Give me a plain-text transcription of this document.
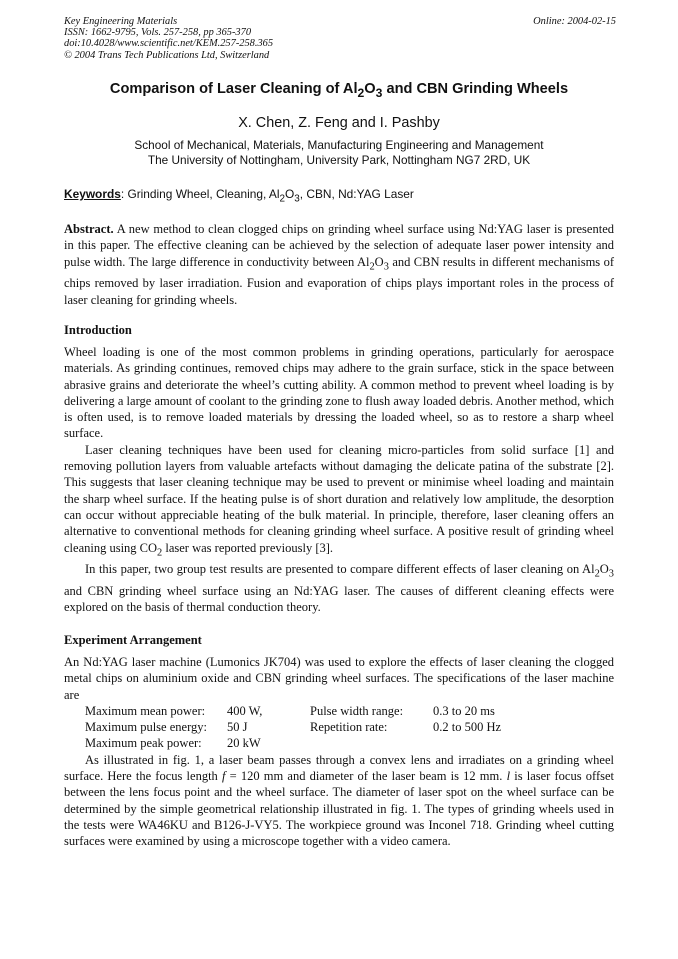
Key Engineering Materials
ISSN: 1662-9795, Vols. 257-258, pp 365-370
doi:10.4028/www.scientific.net/KEM.257-258.365
© 2004 Trans Tech Publications Ltd, Switzerland
Online: 2004-02-15
Comparison of Laser Cleaning of $Al_2O_3$ and CBN Grinding Wheels
X. Chen, Z. Feng and I. Pashby
School of Mechanical, Materials, Manufacturing Engineering and Management
The University of Nottingham, University Park, Nottingham NG7 2RD, UK
Keywords: Grinding Wheel, Cleaning, $Al_2O_3$, CBN, Nd:YAG Laser

Abstract. A new method to clean clogged chips on grinding wheel surface using Nd:YAG laser is presented in this paper. The effective cleaning can be achieved by the selection of adequate laser power intensity and pulse width. The large difference in conductivity between $Al_2O_3$ and CBN results in different mechanisms of chips removed by laser irradiation. Fusion and evaporation of chips plays important roles in the process of laser cleaning for grinding wheels.

Introduction

Wheel loading is one of the most common problems in grinding operations, particularly for aerospace materials. As grinding continues, removed chips may adhere to the grain surface, stick in the space between abrasive grains and deteriorate the wheel’s cutting ability. A common method to prevent wheel loading is by delivering a large amount of coolant to the grinding zone to flush away loaded debris. Another method, which is often used, is to remove loaded materials by dressing the loaded wheel, so as to restore a sharp wheel surface.

Laser cleaning techniques have been used for cleaning micro-particles from solid surface [1] and removing pollution layers from valuable artefacts without damaging the delicate patina of the substrate [2]. This suggests that laser cleaning technique may be used to prevent or minimise wheel loading and maintain the sharp wheel surface. If the heating pulse is of short duration and relatively low amplitude, the desorption can occur without appreciable heating of the bulk material. In principle, therefore, laser cleaning offers an alternative to conventional methods for cleaning grinding wheel surface. A positive result of grinding wheel cleaning using $CO_2$ laser was reported previously [3].

In this paper, two group test results are presented to compare different effects of laser cleaning on $Al_2O_3$ and CBN grinding wheel surface using an Nd:YAG laser. The causes of different cleaning effects were explored on the basis of thermal conduction theory.

Experiment Arrangement

An Nd:YAG laser machine (Lumonics JK704) was used to explore the effects of laser cleaning the clogged metal chips on aluminium oxide and CBN grinding wheel surfaces. The specifications of the laser machine are

Maximum mean power: 400 W,	Pulse width range: 0.3 to 20 ms
Maximum pulse energy: 50 J	Repetition rate:	0.2 to 500 Hz
Maximum peak power: 20 kW

As illustrated in fig. 1, a laser beam passes through a convex lens and irradiates on a grinding wheel surface. Here the focus length f = 120 mm and diameter of the laser beam is 12 mm. l is laser focus offset between the lens focus point and the wheel surface. The diameter of laser spot on the wheel surface can be determined by the simple geometrical relationship illustrated in fig. 1. The types of grinding wheels used in the tests were WA46KU and B126-J-VY5. The workpiece ground was Inconel 718. Grinding wheel cutting surfaces were examined by using a microscope together with a video camera.
